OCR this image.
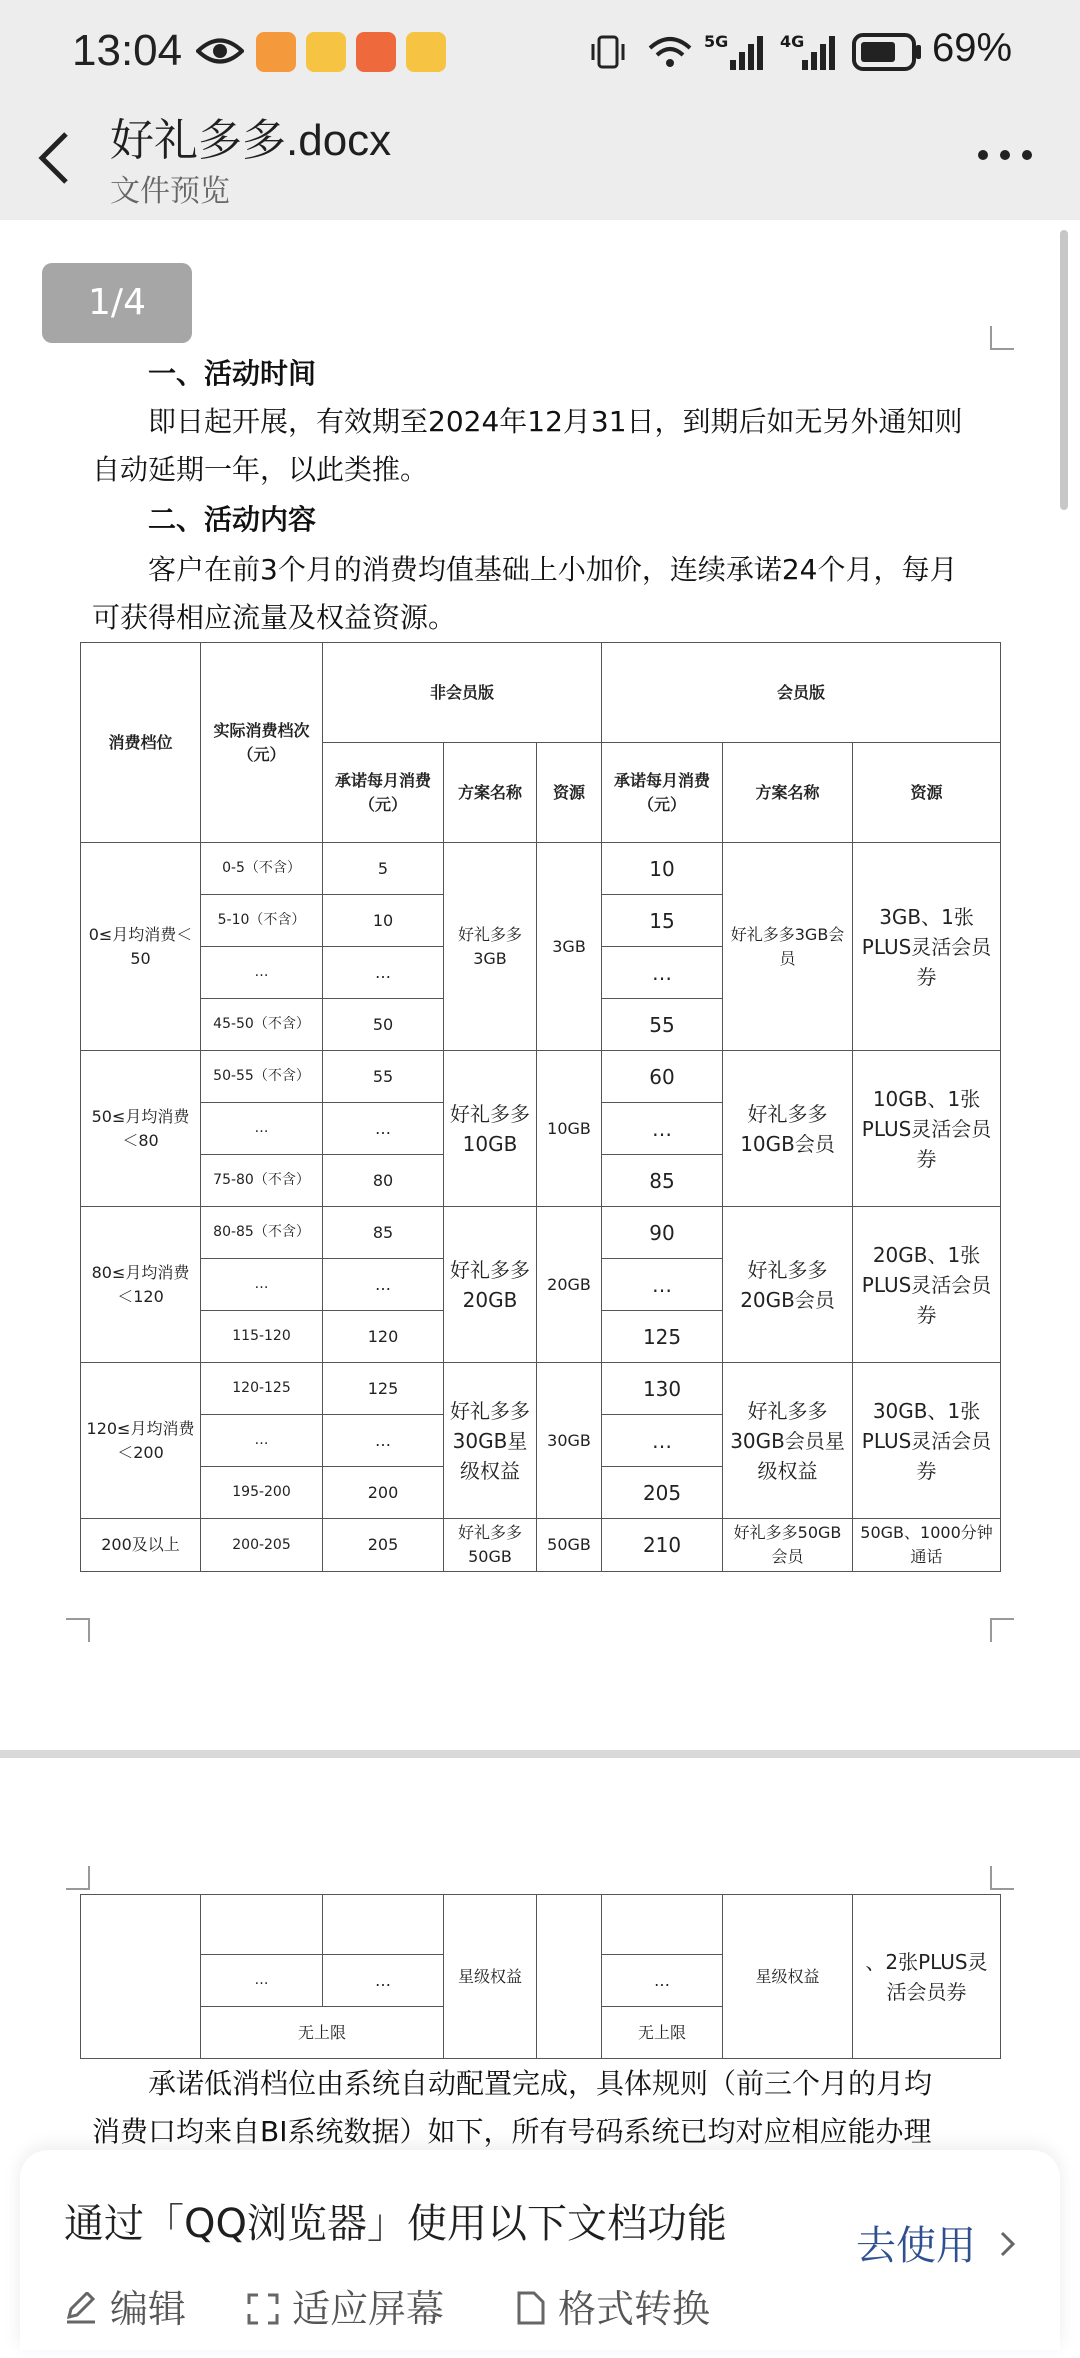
13:04	5G	4G	69%
好礼多多.docx
文件预览
1/4
一、活动时间
即日起开展，有效期至2024年12月31日，到期后如无另外通知则
自动延期一年，以此类推。
二、活动内容
客户在前3个月的消费均值基础上小加价，连续承诺24个月，每月
可获得相应流量及权益资源。
消费档位	实际消费档次（元）	非会员版			会员版		
		承诺每月消费（元）	方案名称	资源	承诺每月消费（元）	方案名称	资源
0≤月均消费＜50	0-5（不含）	5	好礼多多3GB	3GB	10	好礼多多3GB会员	3GB、1张PLUS灵活会员券
	5-10（不含）	10			15		
	…	…			…		
	45-50（不含）	50			55		
50≤月均消费＜80	50-55（不含）	55	好礼多多10GB	10GB	60	好礼多多10GB会员	10GB、1张PLUS灵活会员券
	…	…			…		
	75-80（不含）	80			85		
80≤月均消费＜120	80-85（不含）	85	好礼多多20GB	20GB	90	好礼多多20GB会员	20GB、1张PLUS灵活会员券
	…	…			…		
	115-120	120			125		
120≤月均消费＜200	120-125	125	好礼多多30GB星级权益	30GB	130	好礼多多30GB会员星级权益	30GB、1张PLUS灵活会员券
	…	…			…		
	195-200	200			205		
200及以上	200-205	205	好礼多多50GB	50GB	210	好礼多多50GB会员	50GB、1000分钟通话
			星级权益			星级权益	、2张PLUS灵活会员券
	…	…			…		
	无上限				无上限		
承诺低消档位由系统自动配置完成，具体规则（前三个月的月均
消费口均来自BI系统数据）如下，所有号码系统已均对应相应能办理
通过「QQ浏览器」使用以下文档功能	去使用
编辑	适应屏幕	格式转换
